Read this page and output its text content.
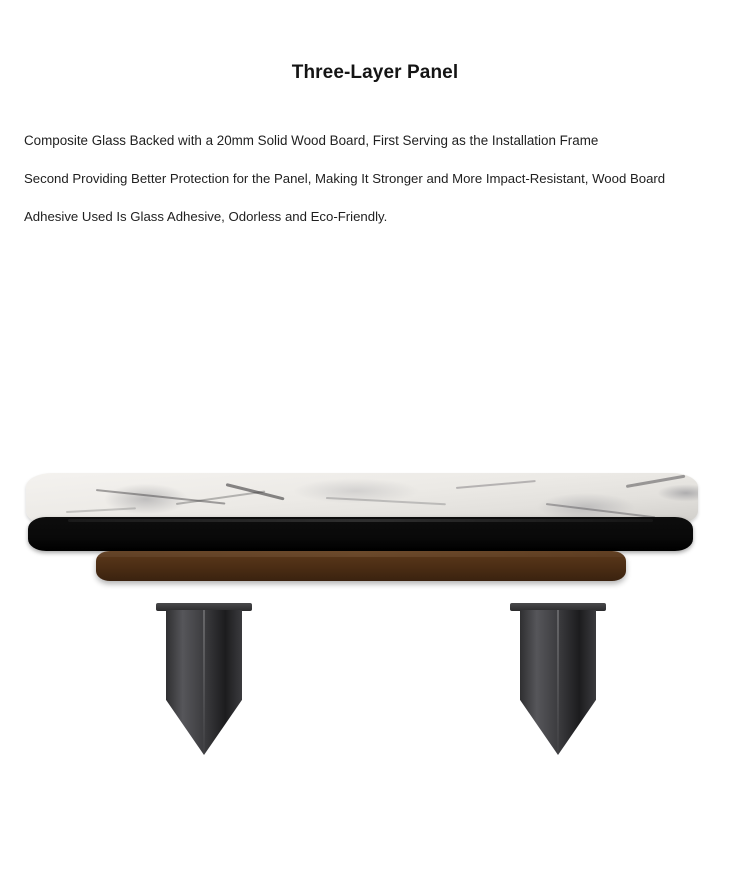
Three-Layer Panel
Composite Glass Backed with a 20mm Solid Wood Board, First Serving as the Installation Frame
Second Providing Better Protection for the Panel, Making It Stronger and More Impact-Resistant, Wood Board
Adhesive Used Is Glass Adhesive, Odorless and Eco-Friendly.
